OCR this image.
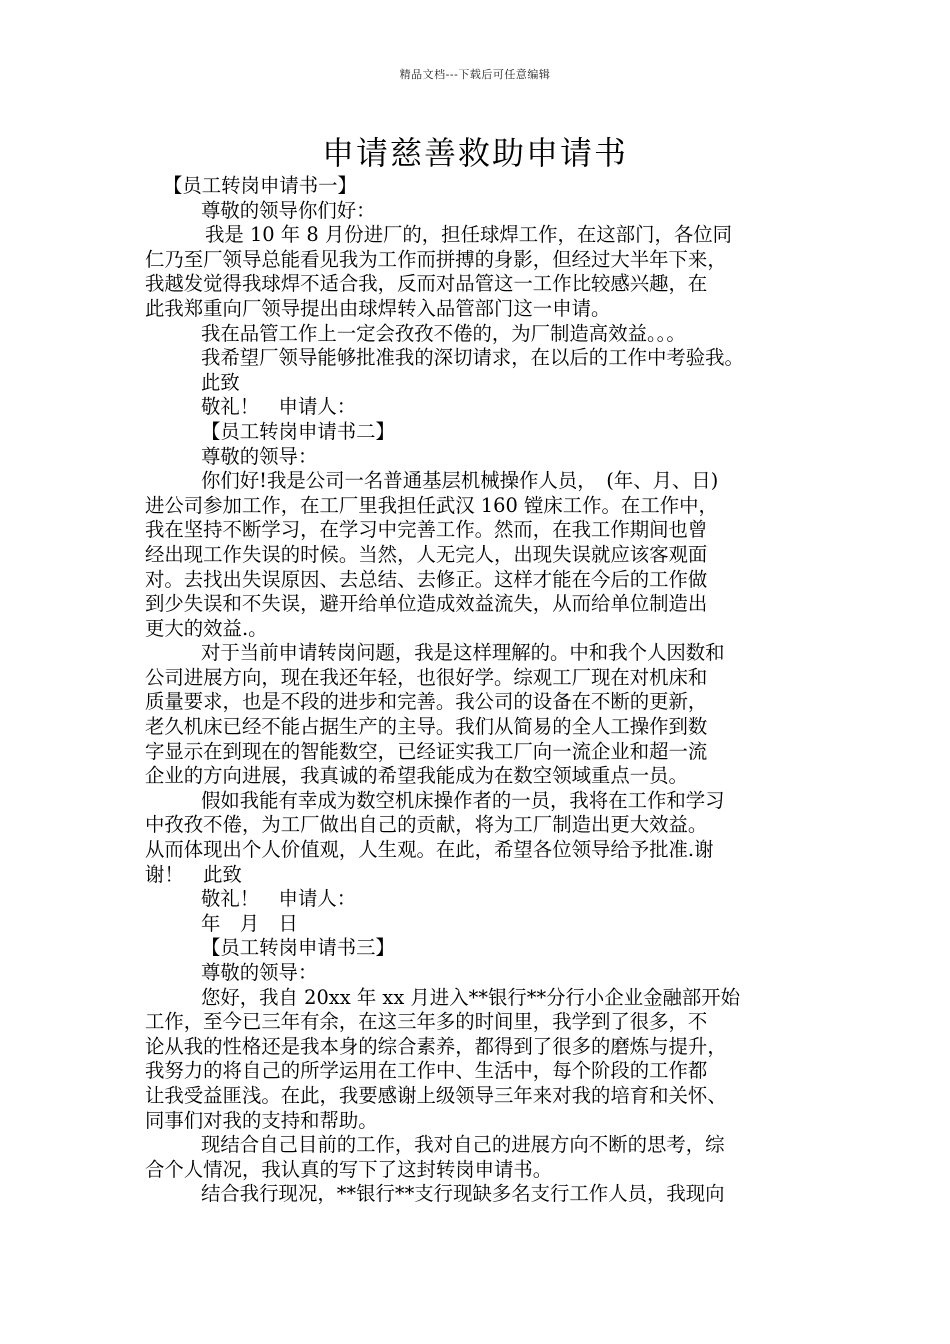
精品文档---下载后可任意编辑
申请慈善救助申请书
【员工转岗申请书一】
尊敬的领导你们好：
我是 10 年 8 月份进厂的，担任球焊工作，在这部门，各位同
仁乃至厂领导总能看见我为工作而拼搏的身影，但经过大半年下来，
我越发觉得我球焊不适合我，反而对品管这一工作比较感兴趣，在
此我郑重向厂领导提出由球焊转入品管部门这一申请。
我在品管工作上一定会孜孜不倦的，为厂制造高效益。。。
我希望厂领导能够批准我的深切请求，在以后的工作中考验我。
此致
敬礼！　申请人：
【员工转岗申请书二】
尊敬的领导：
你们好!我是公司一名普通基层机械操作人员，　(年、月、日)
进公司参加工作，在工厂里我担任武汉 160 镗床工作。在工作中，
我在坚持不断学习，在学习中完善工作。然而，在我工作期间也曾
经出现工作失误的时候。当然，人无完人，出现失误就应该客观面
对。去找出失误原因、去总结、去修正。这样才能在今后的工作做
到少失误和不失误，避开给单位造成效益流失，从而给单位制造出
更大的效益.。
对于当前申请转岗问题，我是这样理解的。中和我个人因数和
公司进展方向，现在我还年轻，也很好学。综观工厂现在对机床和
质量要求，也是不段的进步和完善。我公司的设备在不断的更新，
老久机床已经不能占据生产的主导。我们从简易的全人工操作到数
字显示在到现在的智能数空，已经证实我工厂向一流企业和超一流
企业的方向进展，我真诚的希望我能成为在数空领域重点一员。
假如我能有幸成为数空机床操作者的一员，我将在工作和学习
中孜孜不倦，为工厂做出自己的贡献，将为工厂制造出更大效益。
从而体现出个人价值观，人生观。在此，希望各位领导给予批准.谢
谢！　此致
敬礼！　申请人：
年　月　日
【员工转岗申请书三】
尊敬的领导：
您好，我自 20xx 年 xx 月进入**银行**分行小企业金融部开始
工作，至今已三年有余，在这三年多的时间里，我学到了很多，不
论从我的性格还是我本身的综合素养，都得到了很多的磨炼与提升，
我努力的将自己的所学运用在工作中、生活中，每个阶段的工作都
让我受益匪浅。在此，我要感谢上级领导三年来对我的培育和关怀、
同事们对我的支持和帮助。
现结合自己目前的工作，我对自己的进展方向不断的思考，综
合个人情况，我认真的写下了这封转岗申请书。
结合我行现况，**银行**支行现缺多名支行工作人员，我现向
